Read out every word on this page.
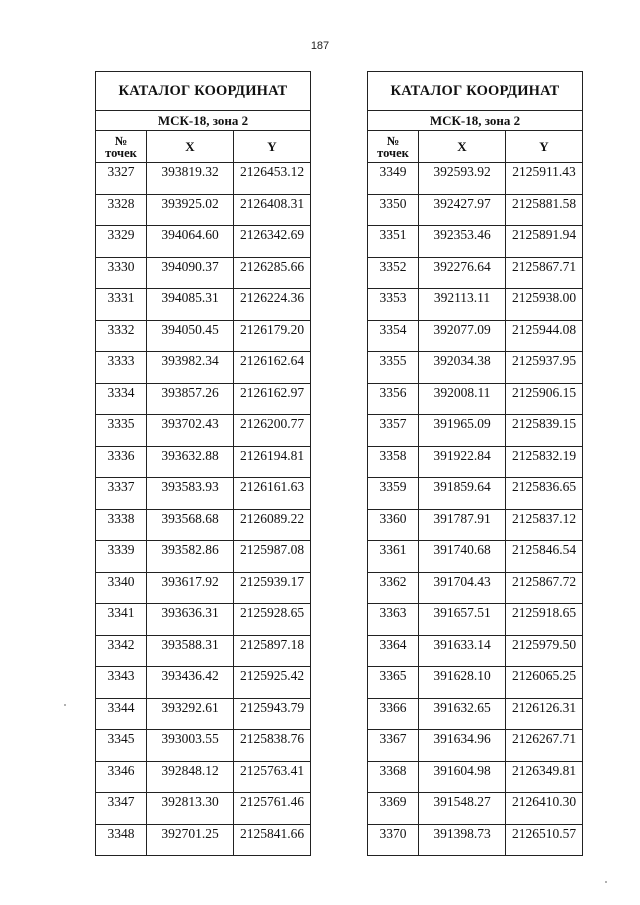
187
КАТАЛОГ КООРДИНАТ		
МСК-18, зона 2		
№
точек	X	Y
3327	393819.32	2126453.12
3328	393925.02	2126408.31
3329	394064.60	2126342.69
3330	394090.37	2126285.66
3331	394085.31	2126224.36
3332	394050.45	2126179.20
3333	393982.34	2126162.64
3334	393857.26	2126162.97
3335	393702.43	2126200.77
3336	393632.88	2126194.81
3337	393583.93	2126161.63
3338	393568.68	2126089.22
3339	393582.86	2125987.08
3340	393617.92	2125939.17
3341	393636.31	2125928.65
3342	393588.31	2125897.18
3343	393436.42	2125925.42
3344	393292.61	2125943.79
3345	393003.55	2125838.76
3346	392848.12	2125763.41
3347	392813.30	2125761.46
3348	392701.25	2125841.66
КАТАЛОГ КООРДИНАТ		
МСК-18, зона 2		
№
точек	X	Y
3349	392593.92	2125911.43
3350	392427.97	2125881.58
3351	392353.46	2125891.94
3352	392276.64	2125867.71
3353	392113.11	2125938.00
3354	392077.09	2125944.08
3355	392034.38	2125937.95
3356	392008.11	2125906.15
3357	391965.09	2125839.15
3358	391922.84	2125832.19
3359	391859.64	2125836.65
3360	391787.91	2125837.12
3361	391740.68	2125846.54
3362	391704.43	2125867.72
3363	391657.51	2125918.65
3364	391633.14	2125979.50
3365	391628.10	2126065.25
3366	391632.65	2126126.31
3367	391634.96	2126267.71
3368	391604.98	2126349.81
3369	391548.27	2126410.30
3370	391398.73	2126510.57
